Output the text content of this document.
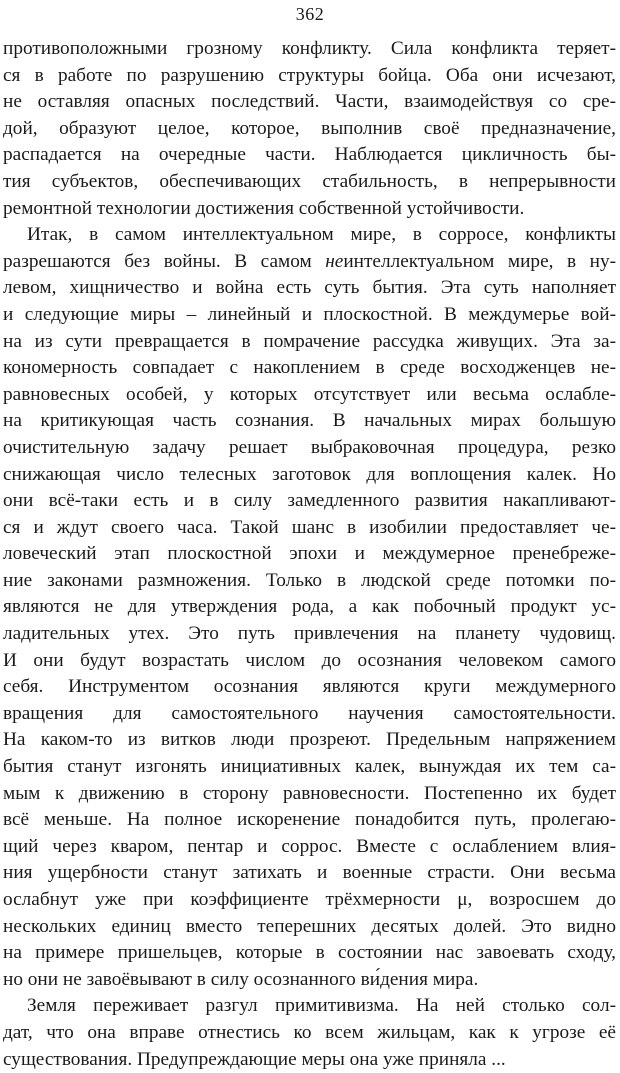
362
противоположными грозному конфликту. Сила конфликта теряет-
ся в работе по разрушению структуры бойца. Оба они исчезают,
не оставляя опасных последствий. Части, взаимодействуя со сре-
дой, образуют целое, которое, выполнив своё предназначение,
распадается на очередные части. Наблюдается цикличность бы-
тия субъектов, обеспечивающих стабильность, в непрерывности
ремонтной технологии достижения собственной устойчивости.
Итак, в самом интеллектуальном мире, в сорросе, конфликты
разрешаются без войны. В самом неинтеллектуальном мире, в ну-
левом, хищничество и война есть суть бытия. Эта суть наполняет
и следующие миры – линейный и плоскостной. В междумерье вой-
на из сути превращается в помрачение рассудка живущих. Эта за-
кономерность совпадает с накоплением в среде восходженцев не-
равновесных особей, у которых отсутствует или весьма ослабле-
на критикующая часть сознания. В начальных мирах большую
очистительную задачу решает выбраковочная процедура, резко
снижающая число телесных заготовок для воплощения калек. Но
они всё-таки есть и в силу замедленного развития накапливают-
ся и ждут своего часа. Такой шанс в изобилии предоставляет че-
ловеческий этап плоскостной эпохи и междумерное пренебреже-
ние законами размножения. Только в людской среде потомки по-
являются не для утверждения рода, а как побочный продукт ус-
ладительных утех. Это путь привлечения на планету чудовищ.
И они будут возрастать числом до осознания человеком самого
себя. Инструментом осознания являются круги междумерного
вращения для самостоятельного научения самостоятельности.
На каком-то из витков люди прозреют. Предельным напряжением
бытия станут изгонять инициативных калек, вынуждая их тем са-
мым к движению в сторону равновесности. Постепенно их будет
всё меньше. На полное искоренение понадобится путь, пролегаю-
щий через кваром, пентар и соррос. Вместе с ослаблением влия-
ния ущербности станут затихать и военные страсти. Они весьма
ослабнут уже при коэффициенте трёхмерности μ, возросшем до
нескольких единиц вместо теперешних десятых долей. Это видно
на примере пришельцев, которые в состоянии нас завоевать сходу,
но они не завоёвывают в силу осознанного ви́дения мира.
Земля переживает разгул примитивизма. На ней столько сол-
дат, что она вправе отнестись ко всем жильцам, как к угрозе её
существования. Предупреждающие меры она уже приняла ...
